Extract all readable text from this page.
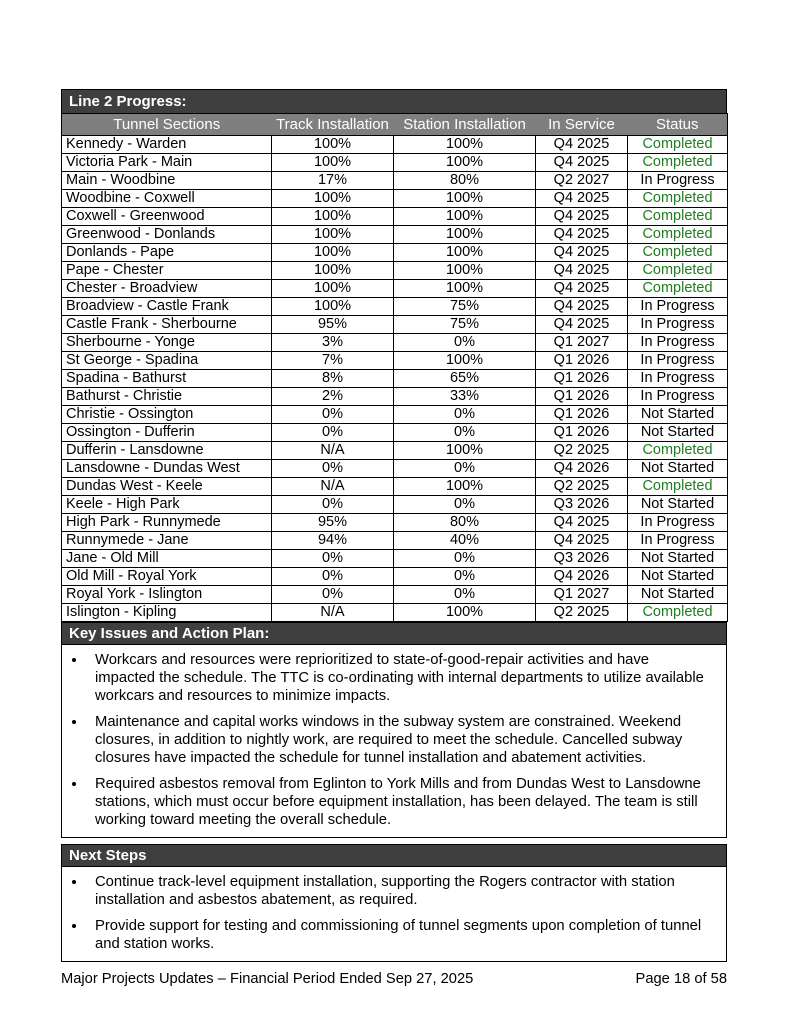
Line 2 Progress:
Tunnel Sections	Track Installation	Station Installation	In Service	Status
Kennedy - Warden	100%	100%	Q4 2025	Completed
Victoria Park - Main	100%	100%	Q4 2025	Completed
Main - Woodbine	17%	80%	Q2 2027	In Progress
Woodbine - Coxwell	100%	100%	Q4 2025	Completed
Coxwell - Greenwood	100%	100%	Q4 2025	Completed
Greenwood - Donlands	100%	100%	Q4 2025	Completed
Donlands - Pape	100%	100%	Q4 2025	Completed
Pape - Chester	100%	100%	Q4 2025	Completed
Chester - Broadview	100%	100%	Q4 2025	Completed
Broadview - Castle Frank	100%	75%	Q4 2025	In Progress
Castle Frank - Sherbourne	95%	75%	Q4 2025	In Progress
Sherbourne - Yonge	3%	0%	Q1 2027	In Progress
St George - Spadina	7%	100%	Q1 2026	In Progress
Spadina - Bathurst	8%	65%	Q1 2026	In Progress
Bathurst - Christie	2%	33%	Q1 2026	In Progress
Christie - Ossington	0%	0%	Q1 2026	Not Started
Ossington - Dufferin	0%	0%	Q1 2026	Not Started
Dufferin - Lansdowne	N/A	100%	Q2 2025	Completed
Lansdowne - Dundas West	0%	0%	Q4 2026	Not Started
Dundas West - Keele	N/A	100%	Q2 2025	Completed
Keele - High Park	0%	0%	Q3 2026	Not Started
High Park - Runnymede	95%	80%	Q4 2025	In Progress
Runnymede - Jane	94%	40%	Q4 2025	In Progress
Jane - Old Mill	0%	0%	Q3 2026	Not Started
Old Mill - Royal York	0%	0%	Q4 2026	Not Started
Royal York - Islington	0%	0%	Q1 2027	Not Started
Islington - Kipling	N/A	100%	Q2 2025	Completed
Key Issues and Action Plan:
• Workcars and resources were reprioritized to state-of-good-repair activities and have impacted the schedule. The TTC is co-ordinating with internal departments to utilize available workcars and resources to minimize impacts.
• Maintenance and capital works windows in the subway system are constrained. Weekend closures, in addition to nightly work, are required to meet the schedule. Cancelled subway closures have impacted the schedule for tunnel installation and abatement activities.
• Required asbestos removal from Eglinton to York Mills and from Dundas West to Lansdowne stations, which must occur before equipment installation, has been delayed. The team is still working toward meeting the overall schedule.
Next Steps
• Continue track-level equipment installation, supporting the Rogers contractor with station installation and asbestos abatement, as required.
• Provide support for testing and commissioning of tunnel segments upon completion of tunnel and station works.
Major Projects Updates – Financial Period Ended Sep 27, 2025	Page 18 of 58
